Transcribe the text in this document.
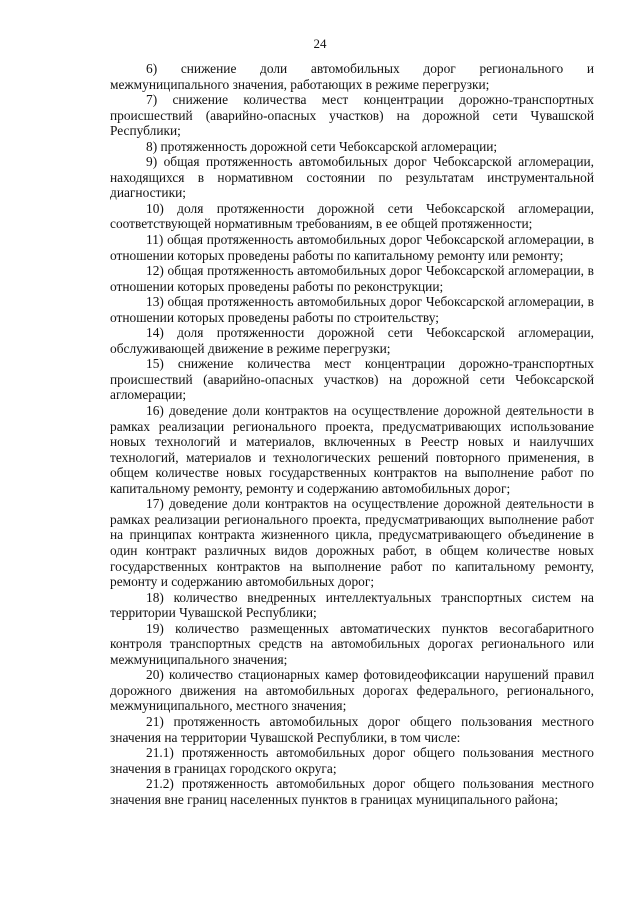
24

6) снижение доли автомобильных дорог регионального и межмуниципального значения, работающих в режиме перегрузки;

7) снижение количества мест концентрации дорожно-транспортных происшествий (аварийно-опасных участков) на дорожной сети Чувашской Республики;

8) протяженность дорожной сети Чебоксарской агломерации;

9) общая протяженность автомобильных дорог Чебоксарской агломерации, находящихся в нормативном состоянии по результатам инструментальной диагностики;

10) доля протяженности дорожной сети Чебоксарской агломерации, соответствующей нормативным требованиям, в ее общей протяженности;

11) общая протяженность автомобильных дорог Чебоксарской агломерации, в отношении которых проведены работы по капитальному ремонту или ремонту;

12) общая протяженность автомобильных дорог Чебоксарской агломерации, в отношении которых проведены работы по реконструкции;

13) общая протяженность автомобильных дорог Чебоксарской агломерации, в отношении которых проведены работы по строительству;

14) доля протяженности дорожной сети Чебоксарской агломерации, обслуживающей движение в режиме перегрузки;

15) снижение количества мест концентрации дорожно-транспортных происшествий (аварийно-опасных участков) на дорожной сети Чебоксарской агломерации;

16) доведение доли контрактов на осуществление дорожной деятельности в рамках реализации регионального проекта, предусматривающих использование новых технологий и материалов, включенных в Реестр новых и наилучших технологий, материалов и технологических решений повторного применения, в общем количестве новых государственных контрактов на выполнение работ по капитальному ремонту, ремонту и содержанию автомобильных дорог;

17) доведение доли контрактов на осуществление дорожной деятельности в рамках реализации регионального проекта, предусматривающих выполнение работ на принципах контракта жизненного цикла, предусматривающего объединение в один контракт различных видов дорожных работ, в общем количестве новых государственных контрактов на выполнение работ по капитальному ремонту, ремонту и содержанию автомобильных дорог;

18) количество внедренных интеллектуальных транспортных систем на территории Чувашской Республики;

19) количество размещенных автоматических пунктов весогабаритного контроля транспортных средств на автомобильных дорогах регионального или межмуниципального значения;

20) количество стационарных камер фотовидеофиксации нарушений правил дорожного движения на автомобильных дорогах федерального, регионального, межмуниципального, местного значения;

21) протяженность автомобильных дорог общего пользования местного значения на территории Чувашской Республики, в том числе:

21.1) протяженность автомобильных дорог общего пользования местного значения в границах городского округа;

21.2) протяженность автомобильных дорог общего пользования местного значения вне границ населенных пунктов в границах муниципального района;
